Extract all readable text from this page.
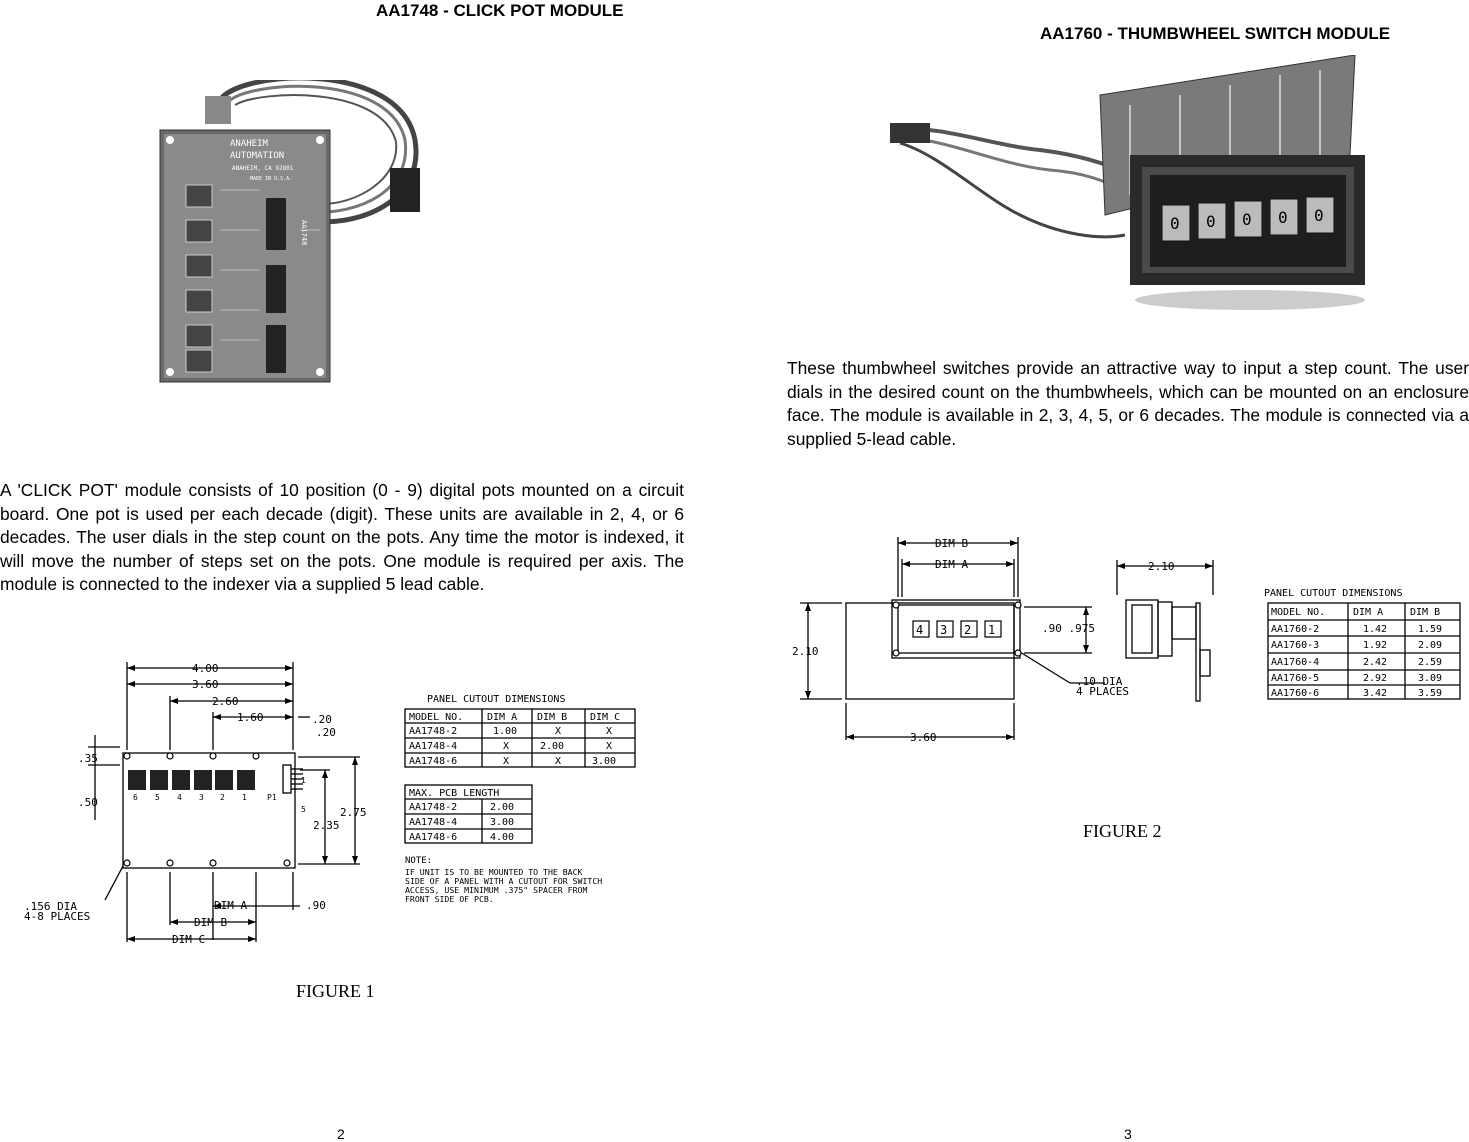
AA1748 - CLICK POT MODULE
ANAHEIM
AUTOMATION
ANAHEIM, CA 92801
MADE IN U.S.A.
AA1748
A 'CLICK POT' module consists of 10 position (0 - 9) digital pots mounted on a circuit board. One pot is used per each decade (digit). These units are available in 2, 4, or 6 decades. The user dials in the step count on the pots. Any time the motor is indexed, it will move the number of steps set on the pots. One module is required per axis. The module is connected to the indexer via a supplied 5 lead cable.
4.00
3.60
2.60
1.60	.20
.20
.35
.50
2.75
2.35
6 5 4 3 2 1	P1
1
5
.156 DIA
4-8 PLACES
DIM A
DIM B
DIM C
.90
PANEL CUTOUT DIMENSIONS
MODEL NO. DIM A DIM B DIM C
AA1748-2	1.00	X	X
AA1748-4	X	2.00	X
AA1748-6	X	X	3.00
MAX. PCB LENGTH
AA1748-2	2.00
AA1748-4	3.00
AA1748-6	4.00
NOTE:
IF UNIT IS TO BE MOUNTED TO THE BACK
SIDE OF A PANEL WITH A CUTOUT FOR SWITCH
ACCESS, USE MINIMUM .375" SPACER FROM
FRONT SIDE OF PCB.
FIGURE 1
2
AA1760 - THUMBWHEEL SWITCH MODULE
0 0 0 0 0
These thumbwheel switches provide an attractive way to input a step count. The user dials in the desired count on the thumbwheels, which can be mounted on an enclosure face. The module is available in 2, 3, 4, 5, or 6 decades. The module is connected via a supplied 5-lead cable.
4 3 2 1
DIM B
DIM A
2.10
3.60
.90 .975
.10 DIA
4 PLACES
2.10
PANEL CUTOUT DIMENSIONS
MODEL NO.	DIM A	DIM B
AA1760-2	1.42	1.59
AA1760-3	1.92	2.09
AA1760-4	2.42	2.59
AA1760-5	2.92	3.09
AA1760-6	3.42	3.59
FIGURE 2
3
